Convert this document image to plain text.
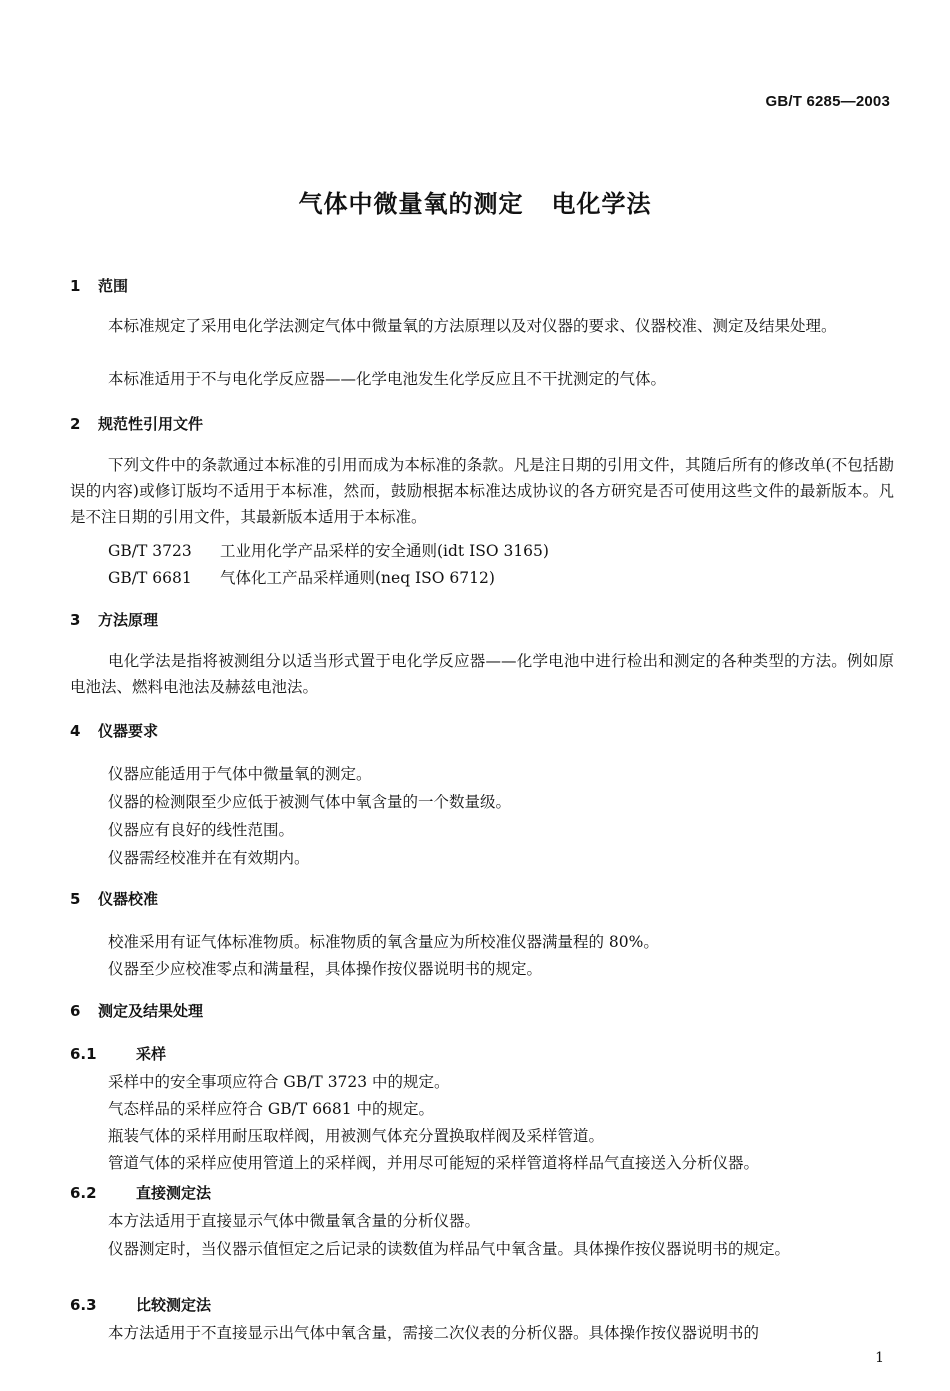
GB/T 6285—2003
气体中微量氧的测定   电化学法
1 范围
本标准规定了采用电化学法测定气体中微量氧的方法原理以及对仪器的要求、仪器校准、测定及结果处理。
本标准适用于不与电化学反应器——化学电池发生化学反应且不干扰测定的气体。
2 规范性引用文件
下列文件中的条款通过本标准的引用而成为本标准的条款。凡是注日期的引用文件，其随后所有的修改单(不包括勘误的内容)或修订版均不适用于本标准，然而，鼓励根据本标准达成协议的各方研究是否可使用这些文件的最新版本。凡是不注日期的引用文件，其最新版本适用于本标准。
GB/T 3723 工业用化学产品采样的安全通则(idt ISO 3165)
GB/T 6681 气体化工产品采样通则(neq ISO 6712)
3 方法原理
电化学法是指将被测组分以适当形式置于电化学反应器——化学电池中进行检出和测定的各种类型的方法。例如原电池法、燃料电池法及赫兹电池法。
4 仪器要求
仪器应能适用于气体中微量氧的测定。
仪器的检测限至少应低于被测气体中氧含量的一个数量级。
仪器应有良好的线性范围。
仪器需经校准并在有效期内。
5 仪器校准
校准采用有证气体标准物质。标准物质的氧含量应为所校准仪器满量程的 80%。
仪器至少应校准零点和满量程，具体操作按仪器说明书的规定。
6 测定及结果处理
6.1	采样
采样中的安全事项应符合 GB/T 3723 中的规定。
气态样品的采样应符合 GB/T 6681 中的规定。
瓶装气体的采样用耐压取样阀，用被测气体充分置换取样阀及采样管道。
管道气体的采样应使用管道上的采样阀，并用尽可能短的采样管道将样品气直接送入分析仪器。
6.2	直接测定法
本方法适用于直接显示气体中微量氧含量的分析仪器。
仪器测定时，当仪器示值恒定之后记录的读数值为样品气中氧含量。具体操作按仪器说明书的规定。
6.3	比较测定法
本方法适用于不直接显示出气体中氧含量，需接二次仪表的分析仪器。具体操作按仪器说明书的
1
